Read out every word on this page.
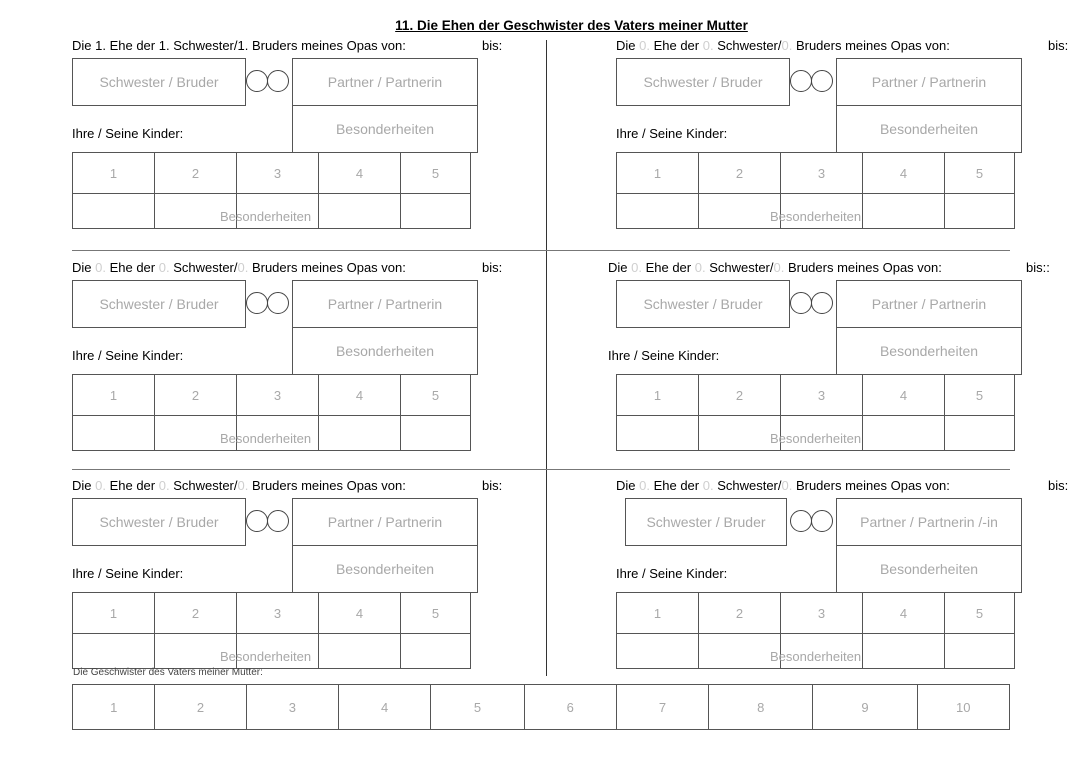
11. Die Ehen der Geschwister des Vaters meiner Mutter
Die 1. Ehe der 1. Schwester/1. Bruders meines Opas von:	bis:
Schwester / Bruder	Partner / Partnerin
Besonderheiten
Ihre / Seine Kinder:
1	2	3	4	5

Besonderheiten
Die 0. Ehe der 0. Schwester/0. Bruders meines Opas von:	bis:
Schwester / Bruder	Partner / Partnerin
Besonderheiten
Ihre / Seine Kinder:
1	2	3	4	5

Besonderheiten
Die 0. Ehe der 0. Schwester/0. Bruders meines Opas von:	bis:
Schwester / Bruder	Partner / Partnerin
Besonderheiten
Ihre / Seine Kinder:
1	2	3	4	5

Besonderheiten
Die 0. Ehe der 0. Schwester/0. Bruders meines Opas von:	bis::
Schwester / Bruder	Partner / Partnerin
Besonderheiten
Ihre / Seine Kinder:
1	2	3	4	5

Besonderheiten
Die 0. Ehe der 0. Schwester/0. Bruders meines Opas von:	bis:
Schwester / Bruder	Partner / Partnerin
Besonderheiten
Ihre / Seine Kinder:
1	2	3	4	5

Besonderheiten
Die 0. Ehe der 0. Schwester/0. Bruders meines Opas von:	bis:
Schwester / Bruder	Partner / Partnerin /-in
Besonderheiten
Ihre / Seine Kinder:
1	2	3	4	5

Besonderheiten
Die Geschwister des Vaters meiner Mutter:
1	2	3	4	5	6	7	8	9	10
